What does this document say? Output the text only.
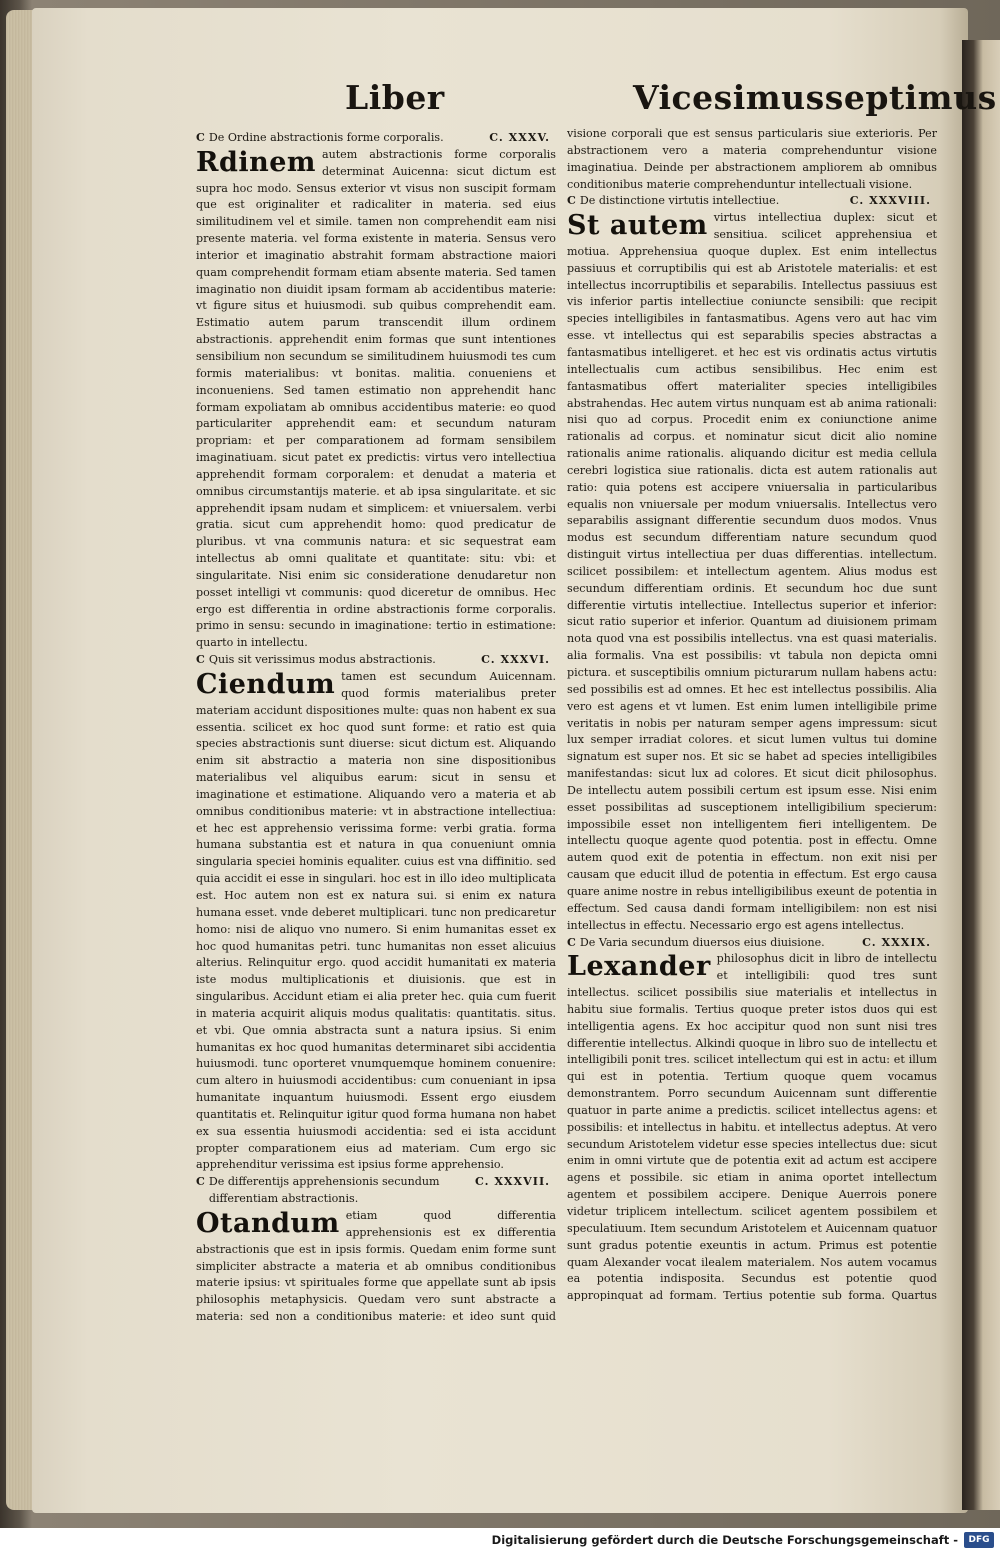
Liber	Vicesimusseptimus
C De Ordine abstractionis forme corporalis.	C. XXXV.
Rdinem autem abstractionis forme corporalis determinat Auicenna: sicut dictum est supra hoc modo. Sensus exterior vt visus non suscipit formam que est originaliter et radicaliter in materia. sed eius similitudinem vel et simile. tamen non comprehendit eam nisi presente materia. vel forma existente in materia. Sensus vero interior et imaginatio abstrahit formam abstractione maiori quam comprehendit formam etiam absente materia. Sed tamen imaginatio non diuidit ipsam formam ab accidentibus materie: vt figure situs et huiusmodi. sub quibus comprehendit eam. Estimatio autem parum transcendit illum ordinem abstractionis. apprehendit enim formas que sunt intentiones sensibilium non secundum se similitudinem huiusmodi tes cum formis materialibus: vt bonitas. malitia. conueniens et inconueniens. Sed tamen estimatio non apprehendit hanc formam expoliatam ab omnibus accidentibus materie: eo quod particulariter apprehendit eam: et secundum naturam propriam: et per comparationem ad formam sensibilem imaginatiuam. sicut patet ex predictis: virtus vero intellectiua apprehendit formam corporalem: et denudat a materia et omnibus circumstantijs materie. et ab ipsa singularitate. et sic apprehendit ipsam nudam et simplicem: et vniuersalem. verbi gratia. sicut cum apprehendit homo: quod predicatur de pluribus. vt vna communis natura: et sic sequestrat eam intellectus ab omni qualitate et quantitate: situ: vbi: et singularitate. Nisi enim sic consideratione denudaretur non posset intelligi vt communis: quod diceretur de omnibus. Hec ergo est differentia in ordine abstractionis forme corporalis. primo in sensu: secundo in imaginatione: tertio in estimatione: quarto in intellectu.

C Quis sit verissimus modus abstractionis.	C. XXXVI.
Ciendum tamen est secundum Auicennam. quod formis materialibus preter materiam accidunt dispositiones multe: quas non habent ex sua essentia. scilicet ex hoc quod sunt forme: et ratio est quia species abstractionis sunt diuerse: sicut dictum est. Aliquando enim sit abstractio a materia non sine dispositionibus materialibus vel aliquibus earum: sicut in sensu et imaginatione et estimatione. Aliquando vero a materia et ab omnibus conditionibus materie: vt in abstractione intellectiua: et hec est apprehensio verissima forme: verbi gratia. forma humana substantia est et natura in qua conueniunt omnia singularia speciei hominis equaliter. cuius est vna diffinitio. sed quia accidit ei esse in singulari. hoc est in illo ideo multiplicata est. Hoc autem non est ex natura sui. si enim ex natura humana esset. vnde deberet multiplicari. tunc non predicaretur homo: nisi de aliquo vno numero. Si enim humanitas esset ex hoc quod humanitas petri. tunc humanitas non esset alicuius alterius. Relinquitur ergo. quod accidit humanitati ex materia iste modus multiplicationis et diuisionis. que est in singularibus. Accidunt etiam ei alia preter hec. quia cum fuerit in materia acquirit aliquis modus qualitatis: quantitatis. situs. et vbi. Que omnia abstracta sunt a natura ipsius. Si enim humanitas ex hoc quod humanitas determinaret sibi accidentia huiusmodi. tunc oporteret vnumquemque hominem conuenire: cum altero in huiusmodi accidentibus: cum conueniant in ipsa humanitate inquantum huiusmodi. Essent ergo eiusdem quantitatis et. Relinquitur igitur quod forma humana non habet ex sua essentia huiusmodi accidentia: sed ei ista accidunt propter comparationem eius ad materiam. Cum ergo sic apprehenditur verissima est ipsius forme apprehensio.

C De differentijs apprehensionis secundum differentiam abstractionis.
C. XXXVII.
Otandum etiam quod differentia apprehensionis est ex differentia abstractionis que est in ipsis formis. Quedam enim forme sunt simpliciter abstracte a materia et ab omnibus conditionibus materie ipsius: vt spirituales forme que appellate sunt ab ipsis philosophis metaphysicis. Quedam vero sunt abstracte a materia: sed non a conditionibus materie: et ideo sunt quid

visione corporali que est sensus particularis siue exterioris. Per abstractionem vero a materia comprehenduntur visione imaginatiua. Deinde per abstractionem ampliorem ab omnibus conditionibus materie comprehenduntur intellectuali visione.

C De distinctione virtutis intellectiue.	C. XXXVIII.
St autem virtus intellectiua duplex: sicut et sensitiua. scilicet apprehensiua et motiua. Apprehensiua quoque duplex. Est enim intellectus passiuus et corruptibilis qui est ab Aristotele materialis: et est intellectus incorruptibilis et separabilis. Intellectus passiuus est vis inferior partis intellectiue coniuncte sensibili: que recipit species intelligibiles in fantasmatibus. Agens vero aut hac vim esse. vt intellectus qui est separabilis species abstractas a fantasmatibus intelligeret. et hec est vis ordinatis actus virtutis intellectualis cum actibus sensibilibus. Hec enim est fantasmatibus offert materialiter species intelligibiles abstrahendas. Hec autem virtus nunquam est ab anima rationali: nisi quo ad corpus. Procedit enim ex coniunctione anime rationalis ad corpus. et nominatur sicut dicit alio nomine rationalis anime rationalis. aliquando dicitur est media cellula cerebri logistica siue rationalis. dicta est autem rationalis aut ratio: quia potens est accipere vniuersalia in particularibus equalis non vniuersale per modum vniuersalis. Intellectus vero separabilis assignant differentie secundum duos modos. Vnus modus est secundum differentiam nature secundum quod distinguit virtus intellectiua per duas differentias. intellectum. scilicet possibilem: et intellectum agentem. Alius modus est secundum differentiam ordinis. Et secundum hoc due sunt differentie virtutis intellectiue. Intellectus superior et inferior: sicut ratio superior et inferior. Quantum ad diuisionem primam nota quod vna est possibilis intellectus. vna est quasi materialis. alia formalis. Vna est possibilis: vt tabula non depicta omni pictura. et susceptibilis omnium picturarum nullam habens actu: sed possibilis est ad omnes. Et hec est intellectus possibilis. Alia vero est agens et vt lumen. Est enim lumen intelligibile prime veritatis in nobis per naturam semper agens impressum: sicut lux semper irradiat colores. et sicut lumen vultus tui domine signatum est super nos. Et sic se habet ad species intelligibiles manifestandas: sicut lux ad colores. Et sicut dicit philosophus. De intellectu autem possibili certum est ipsum esse. Nisi enim esset possibilitas ad susceptionem intelligibilium specierum: impossibile esset non intelligentem fieri intelligentem. De intellectu quoque agente quod potentia. post in effectu. Omne autem quod exit de potentia in effectum. non exit nisi per causam que educit illud de potentia in effectum. Est ergo causa quare anime nostre in rebus intelligibilibus exeunt de potentia in effectum. Sed causa dandi formam intelligibilem: non est nisi intellectus in effectu. Necessario ergo est agens intellectus.

C De Varia secundum diuersos eius diuisione.	C. XXXIX.
Lexander philosophus dicit in libro de intellectu et intelligibili: quod tres sunt intellectus. scilicet possibilis siue materialis et intellectus in habitu siue formalis. Tertius quoque preter istos duos qui est intelligentia agens. Ex hoc accipitur quod non sunt nisi tres differentie intellectus. Alkindi quoque in libro suo de intellectu et intelligibili ponit tres. scilicet intellectum qui est in actu: et illum qui est in potentia. Tertium quoque quem vocamus demonstrantem. Porro secundum Auicennam sunt differentie quatuor in parte anime a predictis. scilicet intellectus agens: et possibilis: et intellectus in habitu. et intellectus adeptus. At vero secundum Aristotelem videtur esse species intellectus due: sicut enim in omni virtute que de potentia exit ad actum est accipere agens et possibile. sic etiam in anima oportet intellectum agentem et possibilem accipere. Denique Auerrois ponere videtur triplicem intellectum. scilicet agentem possibilem et speculatiuum. Item secundum Aristotelem et Auicennam quatuor sunt gradus potentie exeuntis in actum. Primus est potentie quam Alexander vocat ilealem materialem. Nos autem vocamus ea potentia indisposita. Secundus est potentie quod appropinquat ad formam. Tertius potentie sub forma. Quartus

Digitalisierung gefördert durch die Deutsche Forschungsgemeinschaft -	DFG
